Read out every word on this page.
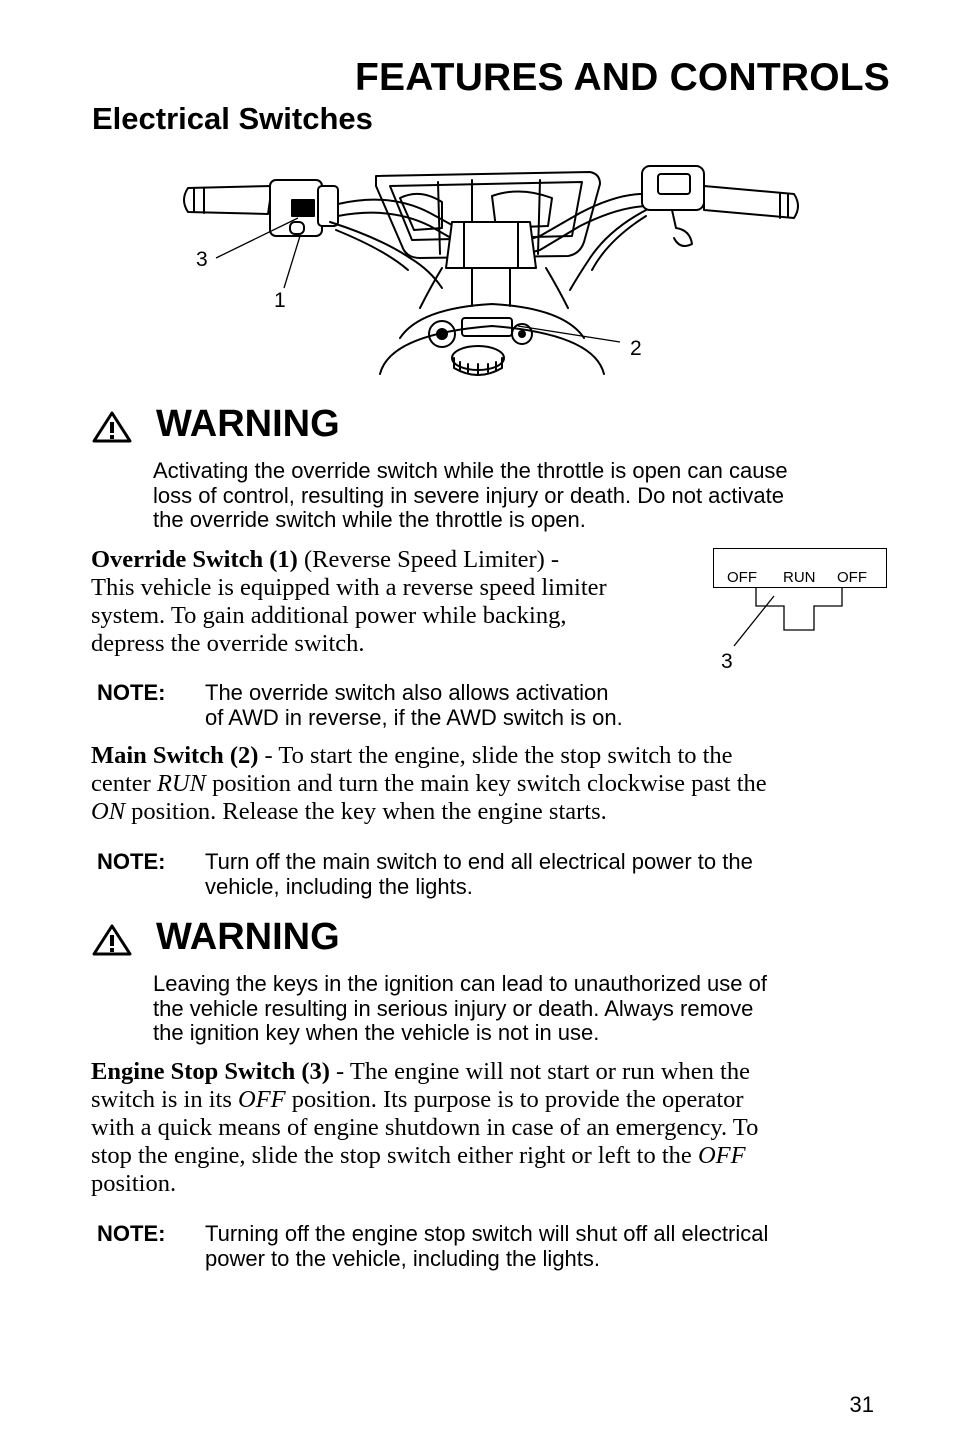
FEATURES AND CONTROLS
Electrical Switches
3
1
2
WARNING
Activating the override switch while the throttle is open can cause
loss of control, resulting in severe injury or death. Do not activate
the override switch while the throttle is open.
Override Switch (1) (Reverse Speed Limiter) -
This vehicle is equipped with a reverse speed limiter
system. To gain additional power while backing,
depress the override switch.
OFF RUN OFF
3
NOTE: The override switch also allows activation
of AWD in reverse, if the AWD switch is on.
Main Switch (2) - To start the engine, slide the stop switch to the
center RUN position and turn the main key switch clockwise past the
ON position. Release the key when the engine starts.
NOTE: Turn off the main switch to end all electrical power to the
vehicle, including the lights.
WARNING
Leaving the keys in the ignition can lead to unauthorized use of
the vehicle resulting in serious injury or death. Always remove
the ignition key when the vehicle is not in use.
Engine Stop Switch (3) - The engine will not start or run when the
switch is in its OFF position. Its purpose is to provide the operator
with a quick means of engine shutdown in case of an emergency. To
stop the engine, slide the stop switch either right or left to the OFF
position.
NOTE: Turning off the engine stop switch will shut off all electrical
power to the vehicle, including the lights.
31
